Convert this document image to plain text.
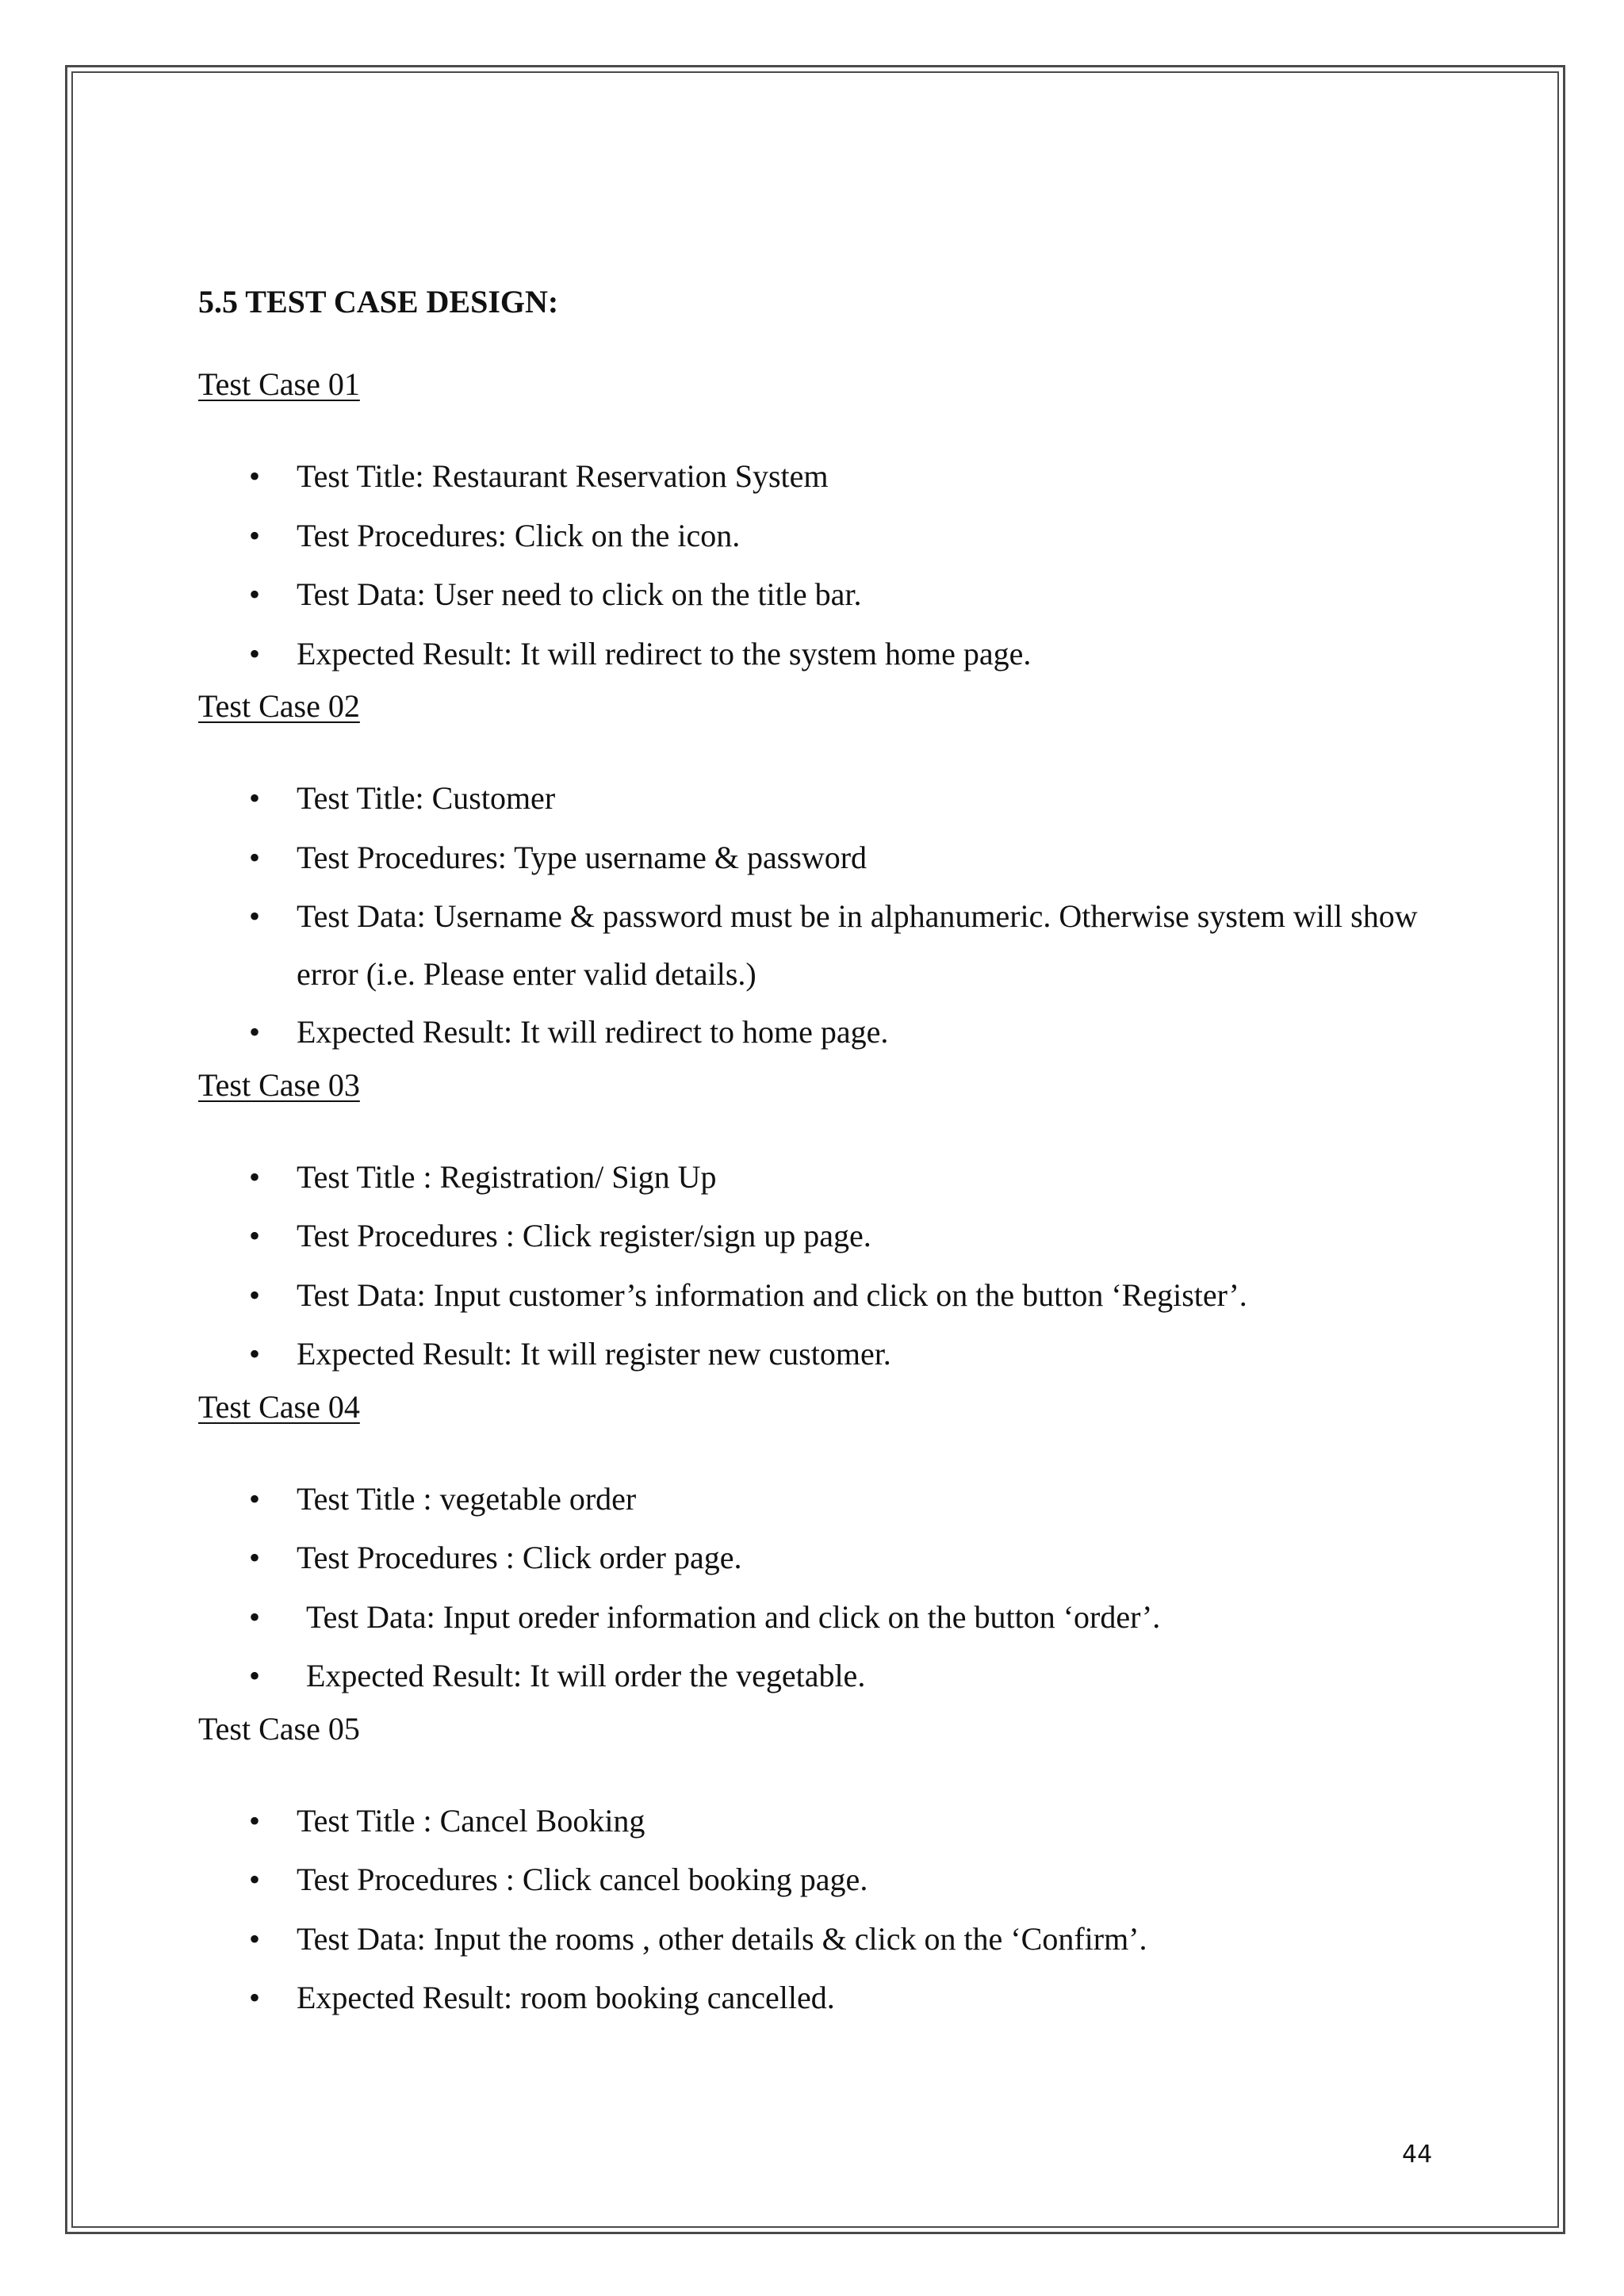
5.5 TEST CASE DESIGN:
Test Case 01
• Test Title: Restaurant Reservation System
• Test Procedures: Click on the icon.
• Test Data: User need to click on the title bar.
• Expected Result: It will redirect to the system home page.
Test Case 02
• Test Title: Customer
• Test Procedures: Type username & password
• Test Data: Username & password must be in alphanumeric. Otherwise system will show error (i.e. Please enter valid details.)
• Expected Result: It will redirect to home page.
Test Case 03
• Test Title : Registration/ Sign Up
• Test Procedures : Click register/sign up page.
• Test Data: Input customer’s information and click on the button ‘Register’.
• Expected Result: It will register new customer.
Test Case 04
• Test Title : vegetable order
• Test Procedures : Click order page.
• Test Data: Input oreder information and click on the button ‘order’.
• Expected Result: It will order the vegetable.
Test Case 05
• Test Title : Cancel Booking
• Test Procedures : Click cancel booking page.
• Test Data: Input the rooms , other details & click on the ‘Confirm’.
• Expected Result: room booking cancelled.
44
